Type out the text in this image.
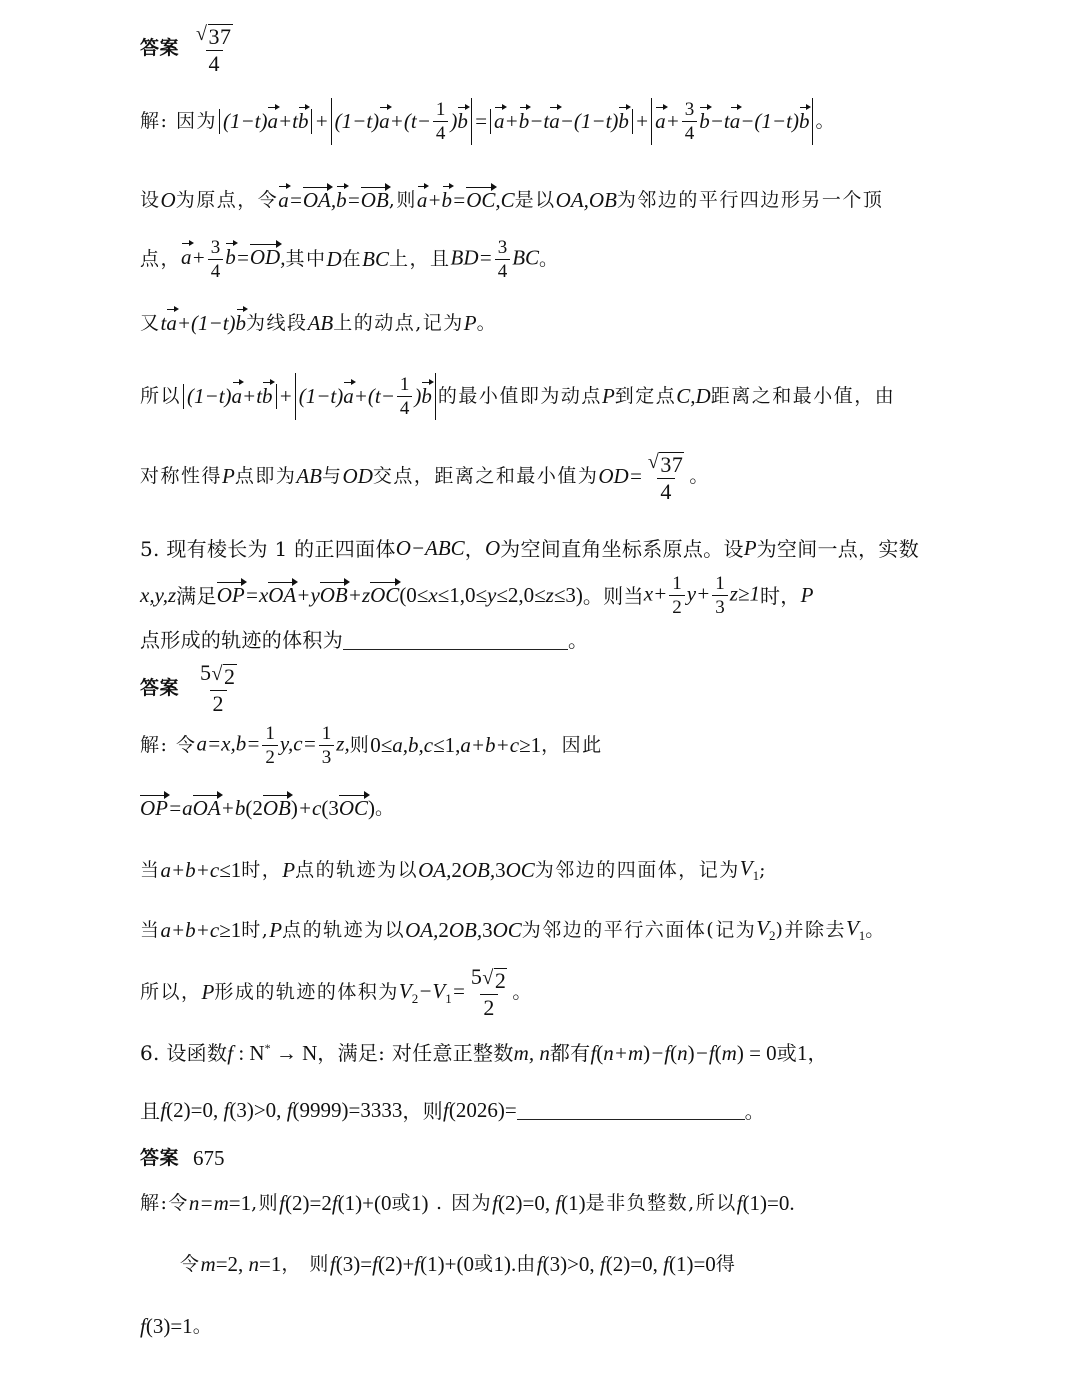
答案 $\frac{√ 37}{4}$
解: 因为 (1− t ) a + t b + (1− t ) a +( $t - \frac{1}{4}$ ) b = a + b − t a −(1− t ) $b + a + \frac{3}{4}$ b − t a −(1− t ) b 。
设 O 为原点，令 a=OA,b=OB ,则 a+b=OC,C 是以 OA,OB 为邻边的平行四边形另一个顶
点， $a+ \frac{3}{4} b=OD$, 其中 D 在 BC 上，且 $BD= \frac{3}{4}$ BC 。
又 ta+(1−t)b 为线段 AB 上的动点,记为 P 。
所以 (1− t ) a + t b + (1− t ) a +( $t - \frac{1}{4}$ ) b 的最小值即为动点 P 到定点 C,D 距离之和最小值，由
对称性得 P 点即为 AB 与 OD 交点，距离之和最小值为 $OD= \frac{√ 37}{4}$ 。
5. 现有棱长为 1 的正四面体 O−ABC ， O 为空间直角坐标系原点。设 P 为空间一点，实数
x,y,z 满足 OP=xOA+yOB+zOC(0≤x≤1,0≤y≤2,0≤z≤3) 。则当 $x+ \frac{1}{2} y+ \frac{1}{3} z\ge 1$ 时， P
点形成的轨迹的体积为	。
答案 $\frac{5 √ 2}{2}$
解: 令 $a=x,b= \frac{1}{2} y,c= \frac{1}{3} z$, 则 0≤a,b,c≤1,a+b+c≥1 ，因此
OP=aOA+b(2OB)+c(3OC) 。
当 a+b+c≤1 时， P 点的轨迹为以 OA,2OB,3OC 为邻边的四面体，记为 $V_1$ ;
当 a+b+c≥1 时, P 点的轨迹为以 OA,2OB,3OC 为邻边的平行六面体(记为 $V_2$ )并除去 $V_1$ 。
所以， P 形成的轨迹的体积为 $V_2-V_1= \frac{5 √ 2}{2}$ 。
6. 设函数 f : N* → N ，满足: 对任意正整数 m, n 都有 f(n+m)−f(n)−f(m) = 0 或 1 ，
且 f(2)=0, f(3)>0, f(9999)=3333 ，则 f(2026)=	。
答案 675
解:令 n=m=1 ,则 f(2)=2f(1)+(0 或 1) . 因为 f(2)=0, f(1) 是非负整数,所以 f(1)=0.
令 m=2, n=1 ， 则 f(3)=f(2)+f(1)+(0 或 1). 由 f(3)>0, f(2)=0, f(1)=0 得
f(3)=1 。
